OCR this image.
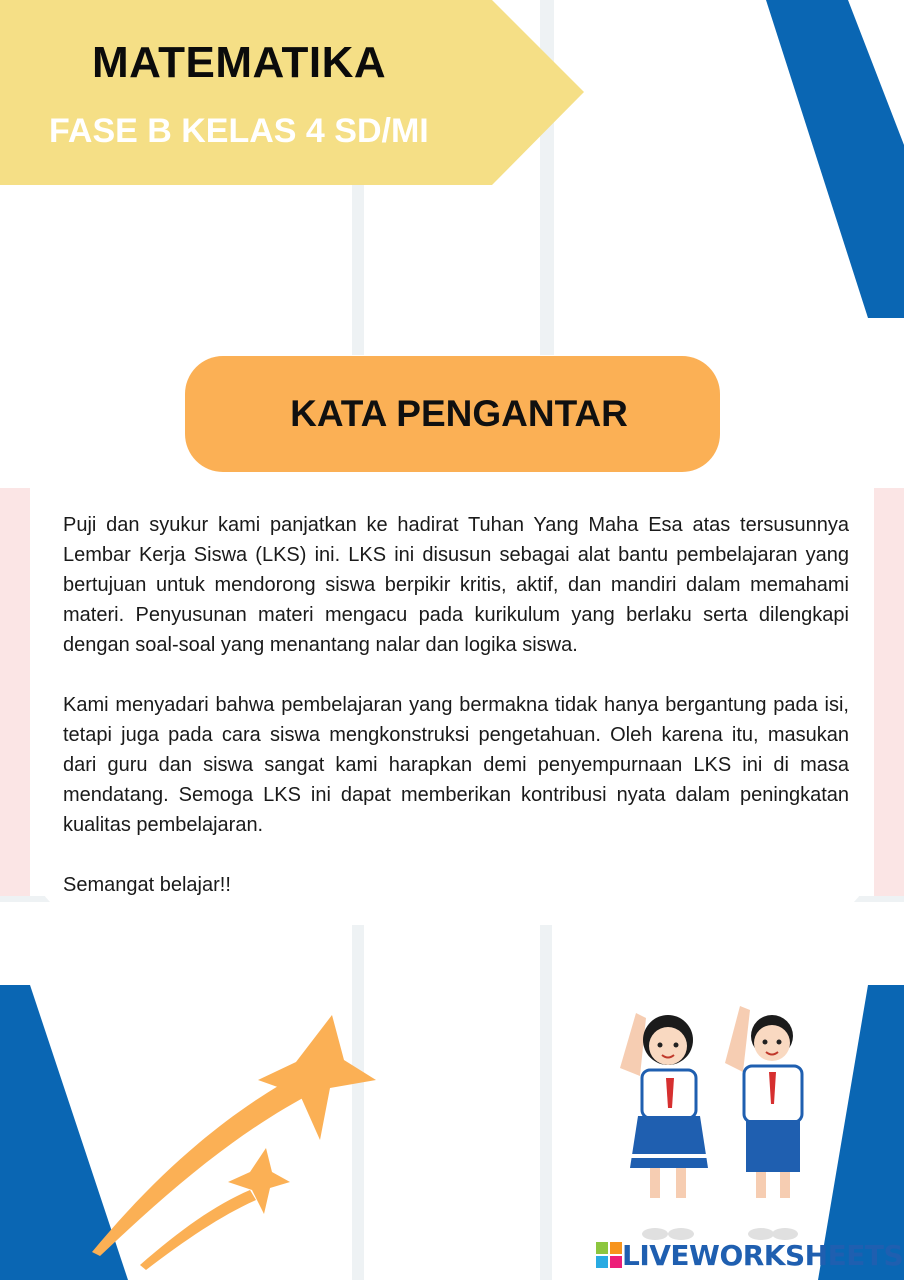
MATEMATIKA
FASE B KELAS 4 SD/MI
KATA PENGANTAR

Puji dan syukur kami panjatkan ke hadirat Tuhan Yang Maha Esa atas tersusunnya Lembar Kerja Siswa (LKS) ini. LKS ini disusun sebagai alat bantu pembelajaran yang bertujuan untuk mendorong siswa berpikir kritis, aktif, dan mandiri dalam memahami materi. Penyusunan materi mengacu pada kurikulum yang berlaku serta dilengkapi dengan soal-soal yang menantang nalar dan logika siswa.

Kami menyadari bahwa pembelajaran yang bermakna tidak hanya bergantung pada isi, tetapi juga pada cara siswa mengkonstruksi pengetahuan. Oleh karena itu, masukan dari guru dan siswa sangat kami harapkan demi penyempurnaan LKS ini di masa mendatang. Semoga LKS ini dapat memberikan kontribusi nyata dalam peningkatan kualitas pembelajaran.

Semangat belajar!!

LIVEWORKSHEETS
